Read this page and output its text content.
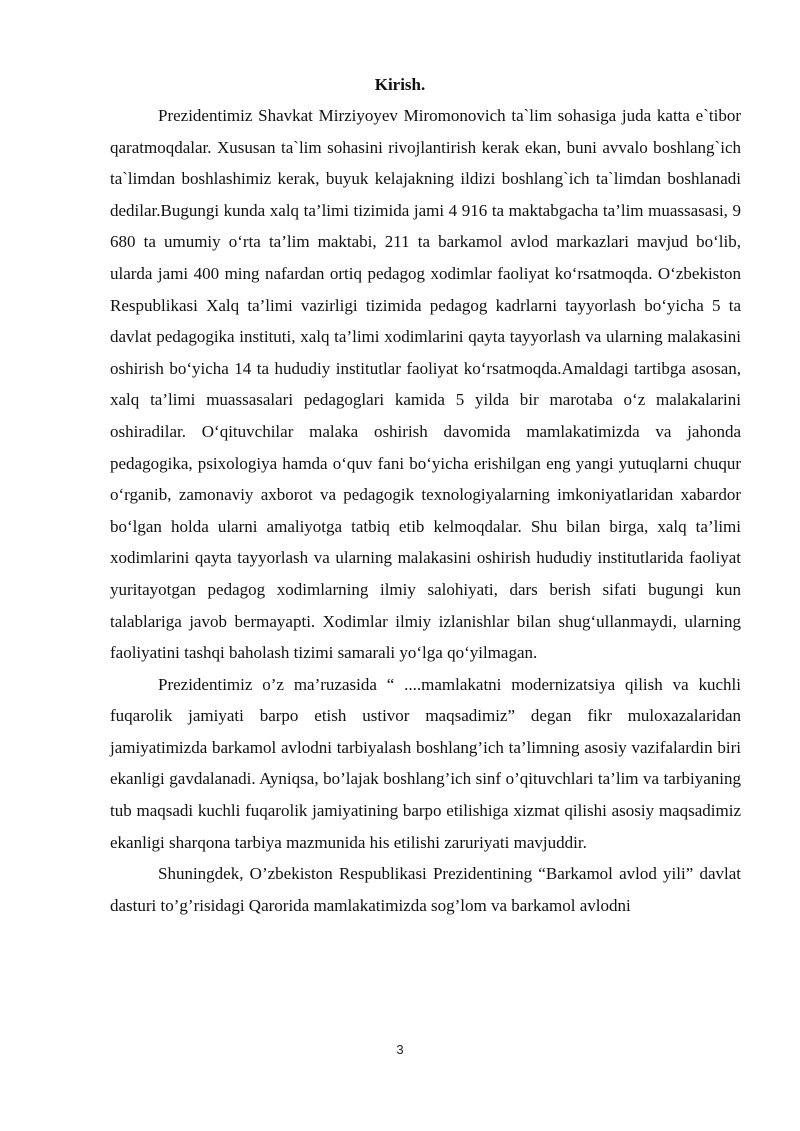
Kirish.

Prezidentimiz Shavkat Mirziyoyev Miromonovich ta`lim sohasiga juda katta e`tibor qaratmoqdalar. Xususan ta`lim sohasini rivojlantirish kerak ekan, buni avvalo boshlang`ich ta`limdan boshlashimiz kerak, buyuk kelajakning ildizi boshlang`ich ta`limdan boshlanadi dedilar.Bugungi kunda xalq ta’limi tizimida jami 4 916 ta maktabgacha ta’lim muassasasi, 9 680 ta umumiy o‘rta ta’lim maktabi, 211 ta barkamol avlod markazlari mavjud bo‘lib, ularda jami 400 ming nafardan ortiq pedagog xodimlar faoliyat ko‘rsatmoqda. O‘zbekiston Respublikasi Xalq ta’limi vazirligi tizimida pedagog kadrlarni tayyorlash bo‘yicha 5 ta davlat pedagogika instituti, xalq ta’limi xodimlarini qayta tayyorlash va ularning malakasini oshirish bo‘yicha 14 ta hududiy institutlar faoliyat ko‘rsatmoqda.Amaldagi tartibga asosan, xalq ta’limi muassasalari pedagoglari kamida 5 yilda bir marotaba o‘z malakalarini oshiradilar. O‘qituvchilar malaka oshirish davomida mamlakatimizda va jahonda pedagogika, psixologiya hamda o‘quv fani bo‘yicha erishilgan eng yangi yutuqlarni chuqur o‘rganib, zamonaviy axborot va pedagogik texnologiyalarning imkoniyatlaridan xabardor bo‘lgan holda ularni amaliyotga tatbiq etib kelmoqdalar. Shu bilan birga, xalq ta’limi xodimlarini qayta tayyorlash va ularning malakasini oshirish hududiy institutlarida faoliyat yuritayotgan pedagog xodimlarning ilmiy salohiyati, dars berish sifati bugungi kun talablariga javob bermayapti. Xodimlar ilmiy izlanishlar bilan shug‘ullanmaydi, ularning faoliyatini tashqi baholash tizimi samarali yo‘lga qo‘yilmagan.

Prezidentimiz o’z ma’ruzasida “ ....mamlakatni modernizatsiya qilish va kuchli fuqarolik jamiyati barpo etish ustivor maqsadimiz” degan fikr muloxazalaridan jamiyatimizda barkamol avlodni tarbiyalash boshlang’ich ta’limning asosiy vazifalardin biri ekanligi gavdalanadi. Ayniqsa, bo’lajak boshlang’ich sinf o’qituvchlari ta’lim va tarbiyaning tub maqsadi kuchli fuqarolik jamiyatining barpo etilishiga xizmat qilishi asosiy maqsadimiz ekanligi sharqona tarbiya mazmunida his etilishi zaruriyati mavjuddir.

Shuningdek, O’zbekiston Respublikasi Prezidentining “Barkamol avlod yili” davlat dasturi to’g’risidagi Qarorida mamlakatimizda sog’lom va barkamol avlodni

3
